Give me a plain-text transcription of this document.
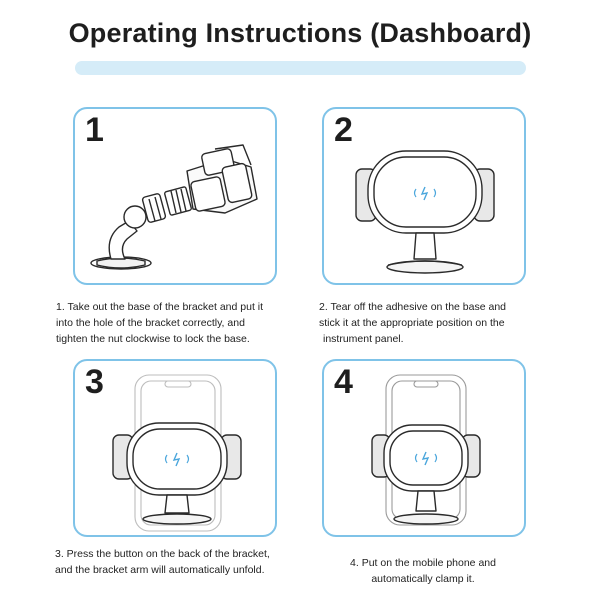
Operating Instructions (Dashboard)
1	2
3	4
1. Take out the base of the bracket and put it
into the hole of the bracket correctly, and
tighten the nut clockwise to lock the base.
2. Tear off the adhesive on the base and
stick it at the appropriate position on the
instrument panel.
3. Press the button on the back of the bracket,
and the bracket arm will automatically unfold.
4. Put on the mobile phone and
automatically clamp it.
